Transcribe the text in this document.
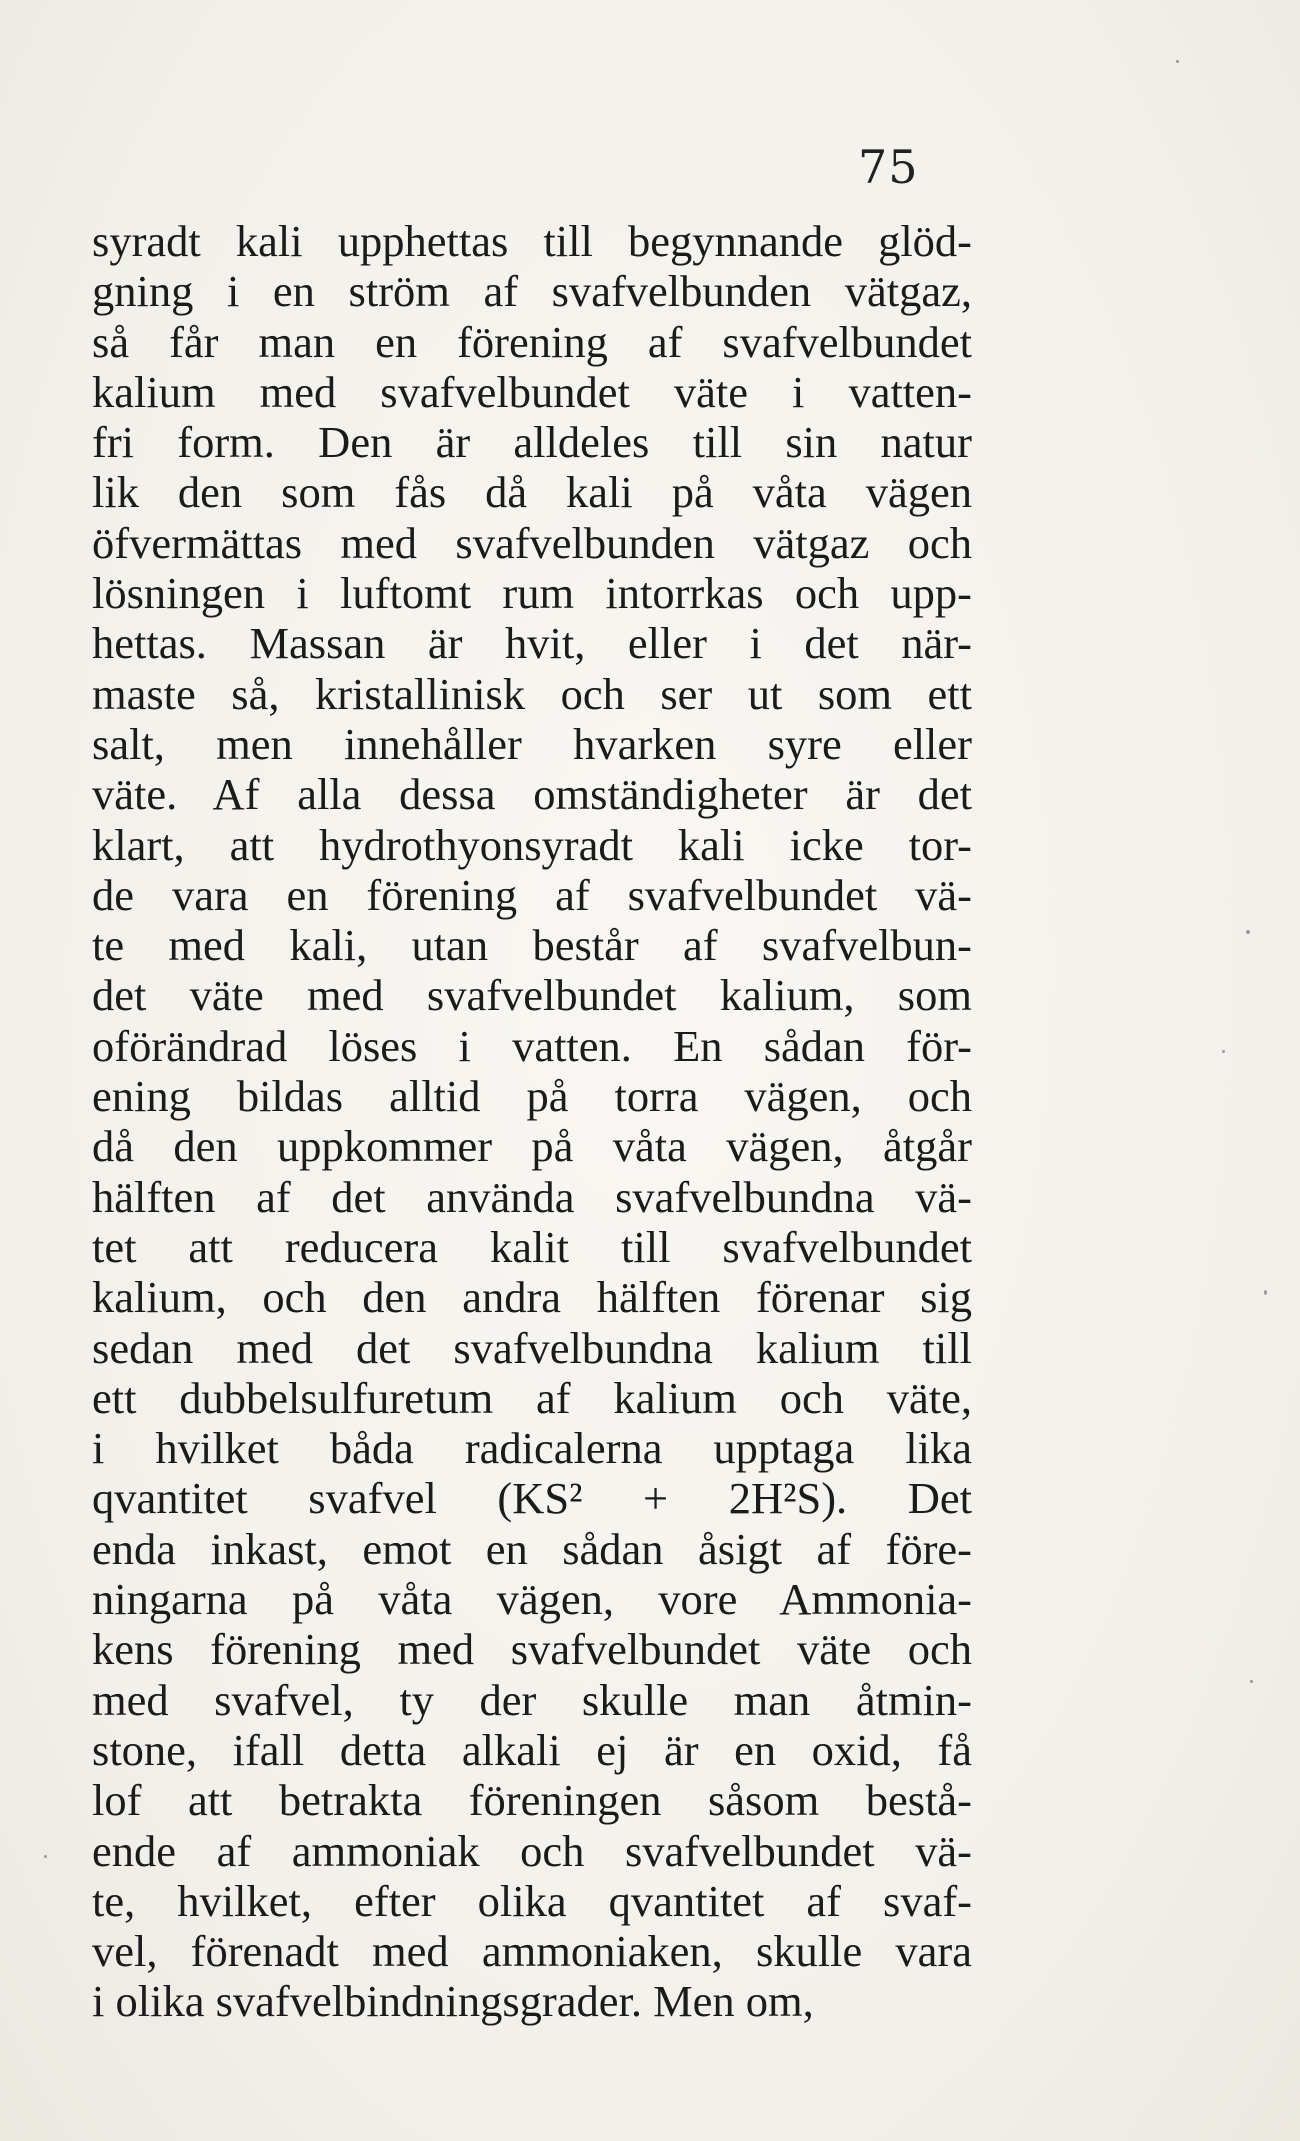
75
syradt kali upphettas till begynnande glöd-
gning i en ström af svafvelbunden vätgaz,
så får man en förening af svafvelbundet
kalium med svafvelbundet väte i vatten-
fri form. Den är alldeles till sin natur
lik den som fås då kali på våta vägen
öfvermättas med svafvelbunden vätgaz och
lösningen i luftomt rum intorrkas och upp-
hettas. Massan är hvit, eller i det när-
maste så, kristallinisk och ser ut som ett
salt, men innehåller hvarken syre eller
väte. Af alla dessa omständigheter är det
klart, att hydrothyonsyradt kali icke tor-
de vara en förening af svafvelbundet vä-
te med kali, utan består af svafvelbun-
det väte med svafvelbundet kalium, som
oförändrad löses i vatten. En sådan för-
ening bildas alltid på torra vägen, och
då den uppkommer på våta vägen, åtgår
hälften af det använda svafvelbundna vä-
tet att reducera kalit till svafvelbundet
kalium, och den andra hälften förenar sig
sedan med det svafvelbundna kalium till
ett dubbelsulfuretum af kalium och väte,
i hvilket båda radicalerna upptaga lika
qvantitet svafvel (KS² + 2H²S). Det
enda inkast, emot en sådan åsigt af före-
ningarna på våta vägen, vore Ammonia-
kens förening med svafvelbundet väte och
med svafvel, ty der skulle man åtmin-
stone, ifall detta alkali ej är en oxid, få
lof att betrakta föreningen såsom bestå-
ende af ammoniak och svafvelbundet vä-
te, hvilket, efter olika qvantitet af svaf-
vel, förenadt med ammoniaken, skulle vara
i olika svafvelbindningsgrader. Men om,
